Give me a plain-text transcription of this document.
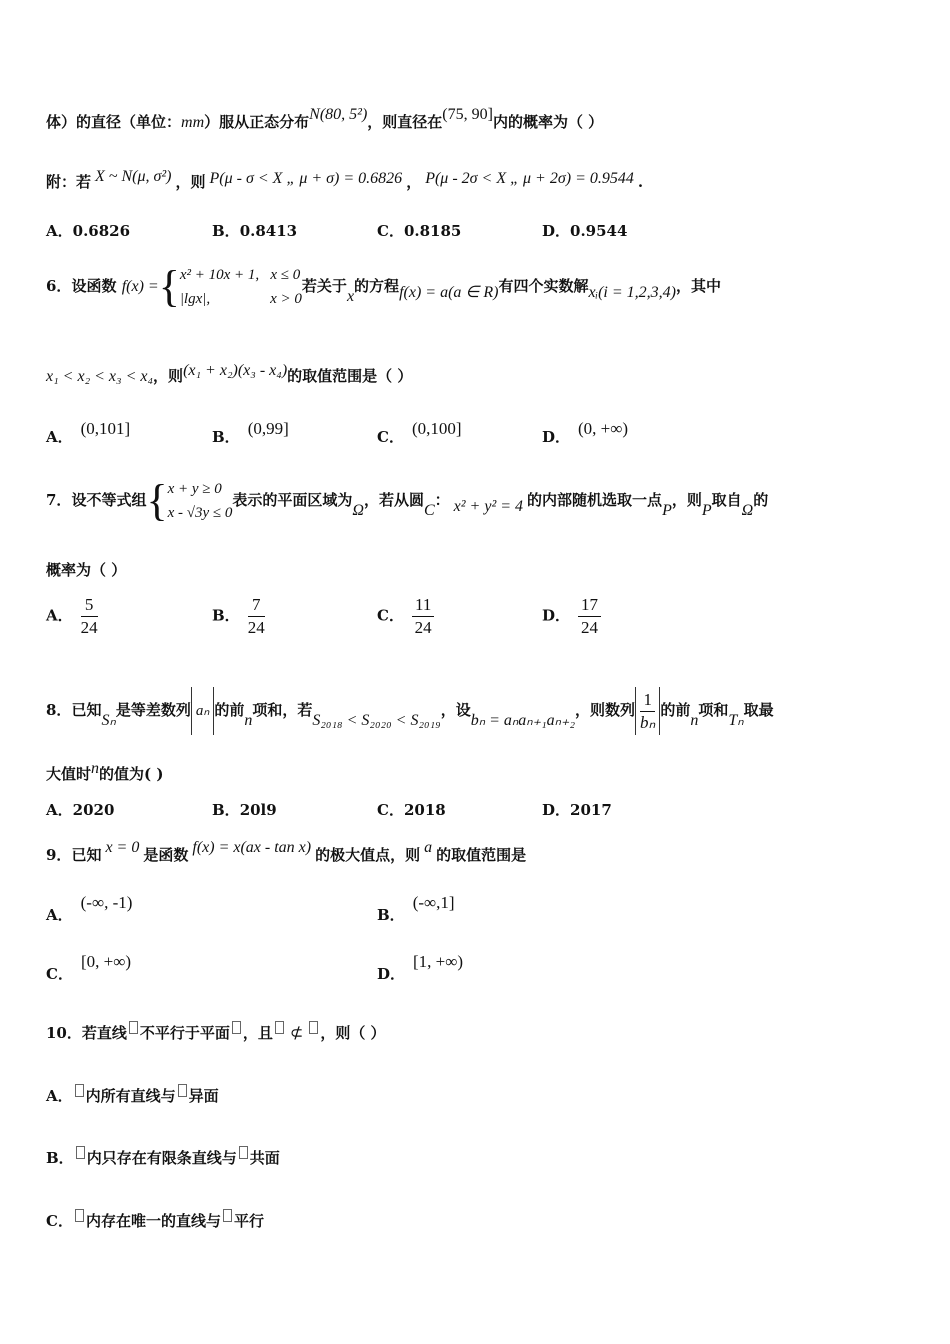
体）的直径（单位：mm）服从正态分布N(80, 5²)，则直径在(75, 90]内的概率为（ ）
附：若 X ~ N(μ, σ²) ，则 P(μ - σ < X „ μ + σ) = 0.6826 ， P(μ - 2σ < X „ μ + 2σ) = 0.9544 .
A．0.6826	B．0.8413	C．0.8185	D．0.9544
6．设函数 f(x) ={x² + 10x + 1, x ≤ 0
|lgx|,	x > 0若关于x的方程f(x) = a(a ∈ R)有四个实数解xᵢ(i = 1,2,3,4)，其中
x₁ < x₂ < x₃ < x₄，则(x₁ + x₂)(x₃ - x₄)的取值范围是（ ）
A． (0,101]	B． (0,99]	C． (0,100]	D． (0, +∞)
7．设不等式组{x + y ≥ 0
x - √3y ≤ 0表示的平面区域为Ω，若从圆C： x² + y² = 4 的内部随机选取一点P，则P取自Ω的
概率为（ ）
A． $\frac{5}{24}$	B． $\frac{7}{24}$	C． $\frac{11}{24}$	D． $\frac{17}{24}$
8．已知Sₙ是等差数列 aₙ 的前n项和，若S₂₀₁₈ < S₂₀₂₀ < S₂₀₁₉，设bₙ = aₙaₙ₊₁aₙ₊₂，则数列 $\frac{1}{\text{bₙ}}$ 的前n项和Tₙ取最
大值时n的值为( )
A．2020	B．20l9	C．2018	D．2017
9．已知 x = 0 是函数 f(x) = x(ax - tan x) 的极大值点，则 a 的取值范围是
A．(-∞, -1)
B．(-∞,1]
C．[0, +∞)
D．[1, +∞)
10．若直线 不平行于平面 ，且 ⊄ ，则（ ）
A． 内所有直线与 异面
B． 内只存在有限条直线与 共面
C． 内存在唯一的直线与 平行
